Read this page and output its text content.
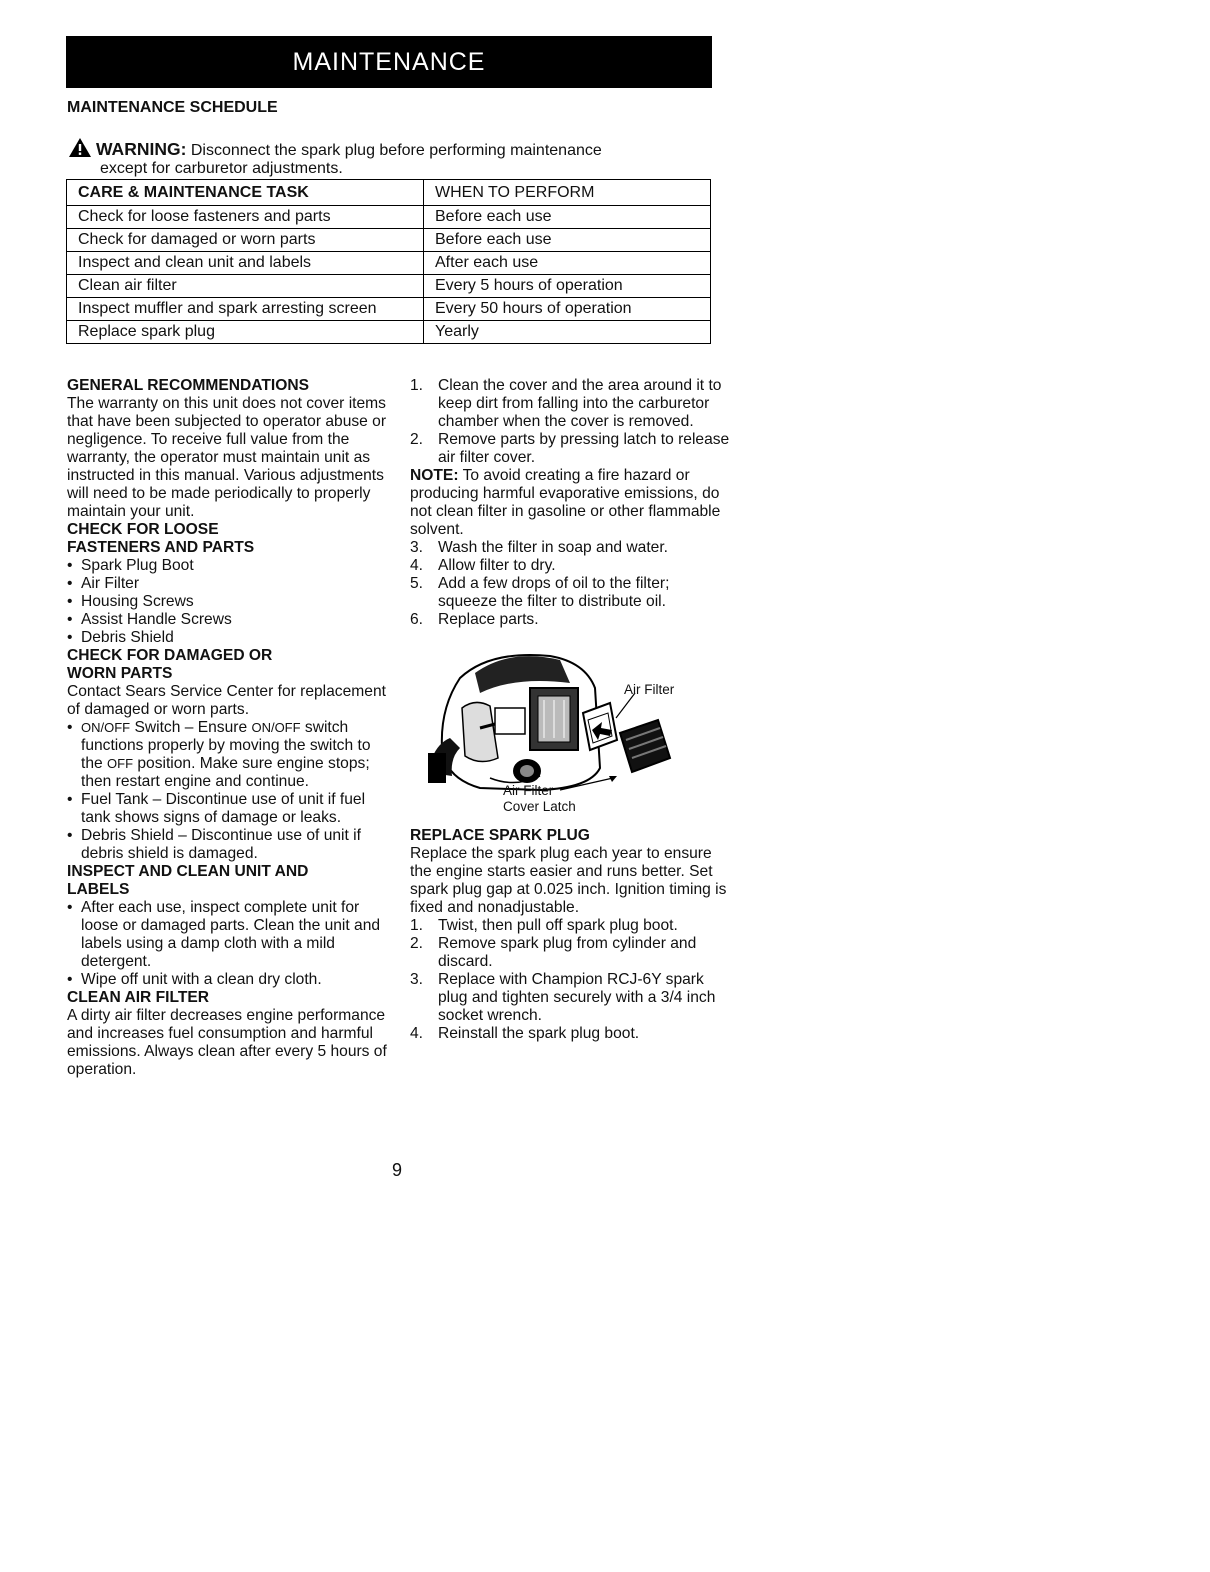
MAINTENANCE
MAINTENANCE SCHEDULE
WARNING: Disconnect the spark plug before performing maintenance
except for carburetor adjustments.
CARE & MAINTENANCE TASK	WHEN TO PERFORM
Check for loose fasteners and parts	Before each use
Check for damaged or worn parts	Before each use
Inspect and clean unit and labels	After each use
Clean air filter	Every 5 hours of operation
Inspect muffler and spark arresting screen	Every 50 hours of operation
Replace spark plug	Yearly
GENERAL RECOMMENDATIONS

The warranty on this unit does not cover items that have been subjected to operator abuse or negligence. To receive full value from the warranty, the operator must maintain unit as instructed in this manual. Various adjustments will need to be made periodically to properly maintain your unit.

CHECK FOR LOOSE
FASTENERS AND PARTS
• Spark Plug Boot
• Air Filter
• Housing Screws
• Assist Handle Screws
• Debris Shield
CHECK FOR DAMAGED OR
WORN PARTS

Contact Sears Service Center for replacement of damaged or worn parts.

• ON/OFF Switch – Ensure ON/OFF switch functions properly by moving the switch to the OFF position. Make sure engine stops; then restart engine and continue.
• Fuel Tank – Discontinue use of unit if fuel tank shows signs of damage or leaks.
• Debris Shield – Discontinue use of unit if debris shield is damaged.
INSPECT AND CLEAN UNIT AND
LABELS
• After each use, inspect complete unit for loose or damaged parts. Clean the unit and labels using a damp cloth with a mild detergent.
• Wipe off unit with a clean dry cloth.
CLEAN AIR FILTER

A dirty air filter decreases engine performance and increases fuel consumption and harmful emissions. Always clean after every 5 hours of operation.

1. Clean the cover and the area around it to keep dirt from falling into the carburetor chamber when the cover is removed.
2. Remove parts by pressing latch to release air filter cover.

NOTE: To avoid creating a fire hazard or producing harmful evaporative emissions, do not clean filter in gasoline or other flammable solvent.

3. Wash the filter in soap and water.
4. Allow filter to dry.
5. Add a few drops of oil to the filter; squeeze the filter to distribute oil.
6. Replace parts.
Air Filter
Air Filter
Cover Latch
REPLACE SPARK PLUG

Replace the spark plug each year to ensure the engine starts easier and runs better. Set spark plug gap at 0.025 inch. Ignition timing is fixed and nonadjustable.

1. Twist, then pull off spark plug boot.
2. Remove spark plug from cylinder and discard.
3. Replace with Champion RCJ-6Y spark plug and tighten securely with a 3/4 inch socket wrench.
4. Reinstall the spark plug boot.
9
